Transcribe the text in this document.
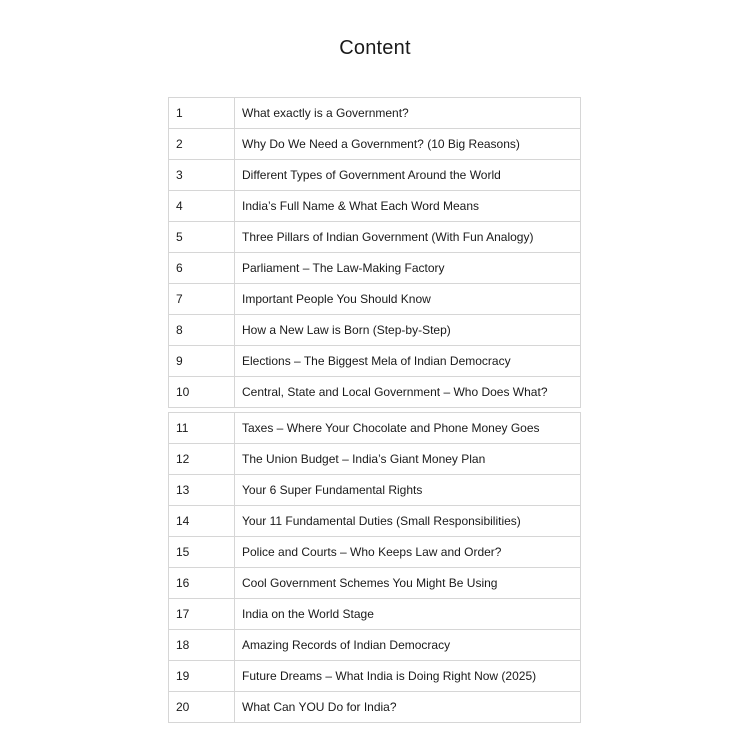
Content
1	What exactly is a Government?
2	Why Do We Need a Government? (10 Big Reasons)
3	Different Types of Government Around the World
4	India’s Full Name & What Each Word Means
5	Three Pillars of Indian Government (With Fun Analogy)
6	Parliament – The Law-Making Factory
7	Important People You Should Know
8	How a New Law is Born (Step-by-Step)
9	Elections – The Biggest Mela of Indian Democracy
10	Central, State and Local Government – Who Does What?
11	Taxes – Where Your Chocolate and Phone Money Goes
12	The Union Budget – India’s Giant Money Plan
13	Your 6 Super Fundamental Rights
14	Your 11 Fundamental Duties (Small Responsibilities)
15	Police and Courts – Who Keeps Law and Order?
16	Cool Government Schemes You Might Be Using
17	India on the World Stage
18	Amazing Records of Indian Democracy
19	Future Dreams – What India is Doing Right Now (2025)
20	What Can YOU Do for India?
